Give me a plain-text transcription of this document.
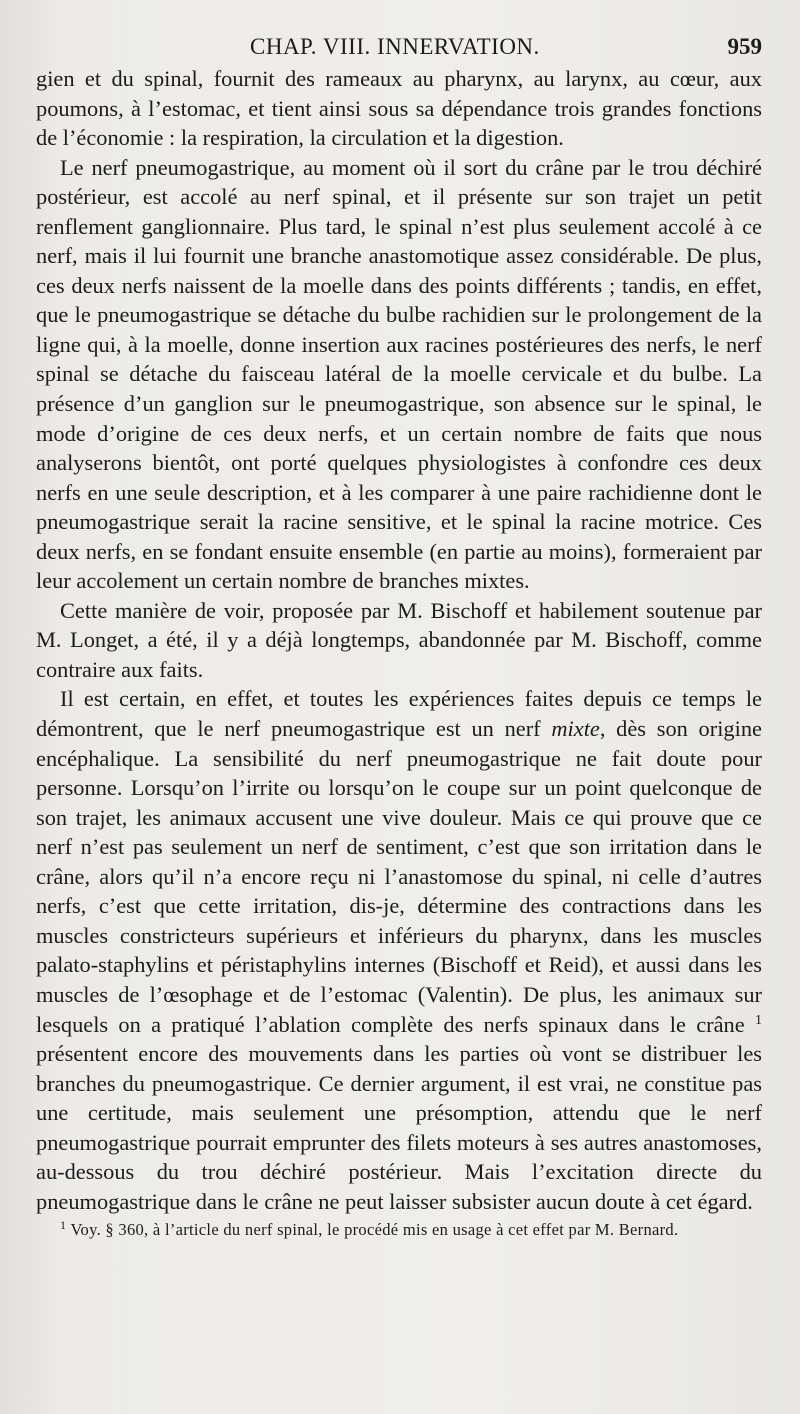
CHAP. VIII. INNERVATION.	959

gien et du spinal, fournit des rameaux au pharynx, au larynx, au cœur, aux poumons, à l’estomac, et tient ainsi sous sa dépendance trois grandes fonctions de l’économie : la respiration, la circulation et la digestion.

Le nerf pneumogastrique, au moment où il sort du crâne par le trou déchiré postérieur, est accolé au nerf spinal, et il présente sur son trajet un petit renflement ganglionnaire. Plus tard, le spinal n’est plus seulement accolé à ce nerf, mais il lui fournit une branche anastomotique assez considérable. De plus, ces deux nerfs naissent de la moelle dans des points différents ; tandis, en effet, que le pneumogastrique se détache du bulbe rachidien sur le prolongement de la ligne qui, à la moelle, donne insertion aux racines postérieures des nerfs, le nerf spinal se détache du faisceau latéral de la moelle cervicale et du bulbe. La présence d’un ganglion sur le pneumogastrique, son absence sur le spinal, le mode d’origine de ces deux nerfs, et un certain nombre de faits que nous analyserons bientôt, ont porté quelques physiologistes à confondre ces deux nerfs en une seule description, et à les comparer à une paire rachidienne dont le pneumogastrique serait la racine sensitive, et le spinal la racine motrice. Ces deux nerfs, en se fondant ensuite ensemble (en partie au moins), formeraient par leur accolement un certain nombre de branches mixtes.

Cette manière de voir, proposée par M. Bischoff et habilement soutenue par M. Longet, a été, il y a déjà longtemps, abandonnée par M. Bischoff, comme contraire aux faits.

Il est certain, en effet, et toutes les expériences faites depuis ce temps le démontrent, que le nerf pneumogastrique est un nerf mixte, dès son origine encéphalique. La sensibilité du nerf pneumogastrique ne fait doute pour personne. Lorsqu’on l’irrite ou lorsqu’on le coupe sur un point quelconque de son trajet, les animaux accusent une vive douleur. Mais ce qui prouve que ce nerf n’est pas seulement un nerf de sentiment, c’est que son irritation dans le crâne, alors qu’il n’a encore reçu ni l’anastomose du spinal, ni celle d’autres nerfs, c’est que cette irritation, dis-je, détermine des contractions dans les muscles constricteurs supérieurs et inférieurs du pharynx, dans les muscles palato-staphylins et péristaphylins internes (Bischoff et Reid), et aussi dans les muscles de l’œsophage et de l’estomac (Valentin). De plus, les animaux sur lesquels on a pratiqué l’ablation complète des nerfs spinaux dans le crâne $^1$ présentent encore des mouvements dans les parties où vont se distribuer les branches du pneumogastrique. Ce dernier argument, il est vrai, ne constitue pas une certitude, mais seulement une présomption, attendu que le nerf pneumogastrique pourrait emprunter des filets moteurs à ses autres anastomoses, au-dessous du trou déchiré postérieur. Mais l’excitation directe du pneumogastrique dans le crâne ne peut laisser subsister aucun doute à cet égard.

$^1$ Voy. § 360, à l’article du nerf spinal, le procédé mis en usage à cet effet par M. Bernard.
